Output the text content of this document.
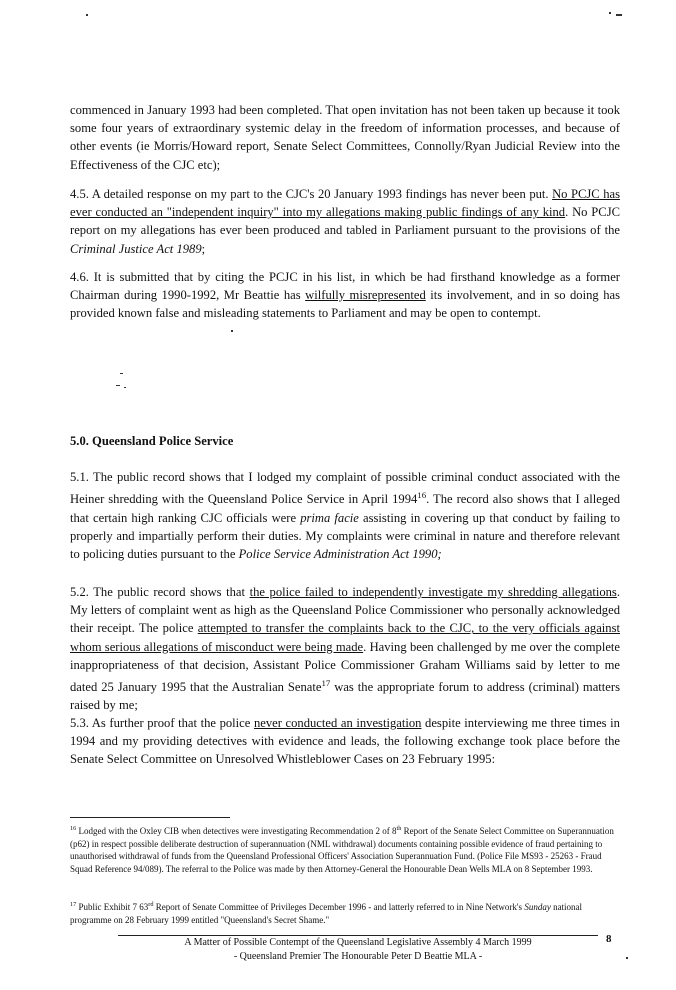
commenced in January 1993 had been completed. That open invitation has not been taken up because it took some four years of extraordinary systemic delay in the freedom of information processes, and because of other events (ie Morris/Howard report, Senate Select Committees, Connolly/Ryan Judicial Review into the Effectiveness of the CJC etc);
4.5. A detailed response on my part to the CJC's 20 January 1993 findings has never been put. No PCJC has ever conducted an "independent inquiry" into my allegations making public findings of any kind. No PCJC report on my allegations has ever been produced and tabled in Parliament pursuant to the provisions of the Criminal Justice Act 1989;
4.6. It is submitted that by citing the PCJC in his list, in which be had firsthand knowledge as a former Chairman during 1990-1992, Mr Beattie has wilfully misrepresented its involvement, and in so doing has provided known false and misleading statements to Parliament and may be open to contempt.
5.0. Queensland Police Service
5.1. The public record shows that I lodged my complaint of possible criminal conduct associated with the Heiner shredding with the Queensland Police Service in April 1994$^{16}$. The record also shows that I alleged that certain high ranking CJC officials were prima facie assisting in covering up that conduct by failing to properly and impartially perform their duties. My complaints were criminal in nature and therefore relevant to policing duties pursuant to the Police Service Administration Act 1990;
5.2. The public record shows that the police failed to independently investigate my shredding allegations. My letters of complaint went as high as the Queensland Police Commissioner who personally acknowledged their receipt. The police attempted to transfer the complaints back to the CJC, to the very officials against whom serious allegations of misconduct were being made. Having been challenged by me over the complete inappropriateness of that decision, Assistant Police Commissioner Graham Williams said by letter to me dated 25 January 1995 that the Australian Senate$^{17}$ was the appropriate forum to address (criminal) matters raised by me;
5.3. As further proof that the police never conducted an investigation despite interviewing me three times in 1994 and my providing detectives with evidence and leads, the following exchange took place before the Senate Select Committee on Unresolved Whistleblower Cases on 23 February 1995:
$^{16}$ Lodged with the Oxley CIB when detectives were investigating Recommendation 2 of 8th Report of the Senate Select Committee on Superannuation (p62) in respect possible deliberate destruction of superannuation (NML withdrawal) documents containing possible evidence of fraud pertaining to unauthorised withdrawal of funds from the Queensland Professional Officers' Association Superannuation Fund. (Police File MS93 - 25263 - Fraud Squad Reference 94/089). The referral to the Police was made by then Attorney-General the Honourable Dean Wells MLA on 8 September 1993.
$^{17}$ Public Exhibit 7 63rd Report of Senate Committee of Privileges December 1996 - and latterly referred to in Nine Network's Sunday national programme on 28 February 1999 entitled "Queensland's Secret Shame."
A Matter of Possible Contempt of the Queensland Legislative Assembly 4 March 1999
- Queensland Premier The Honourable Peter D Beattie MLA -
8
